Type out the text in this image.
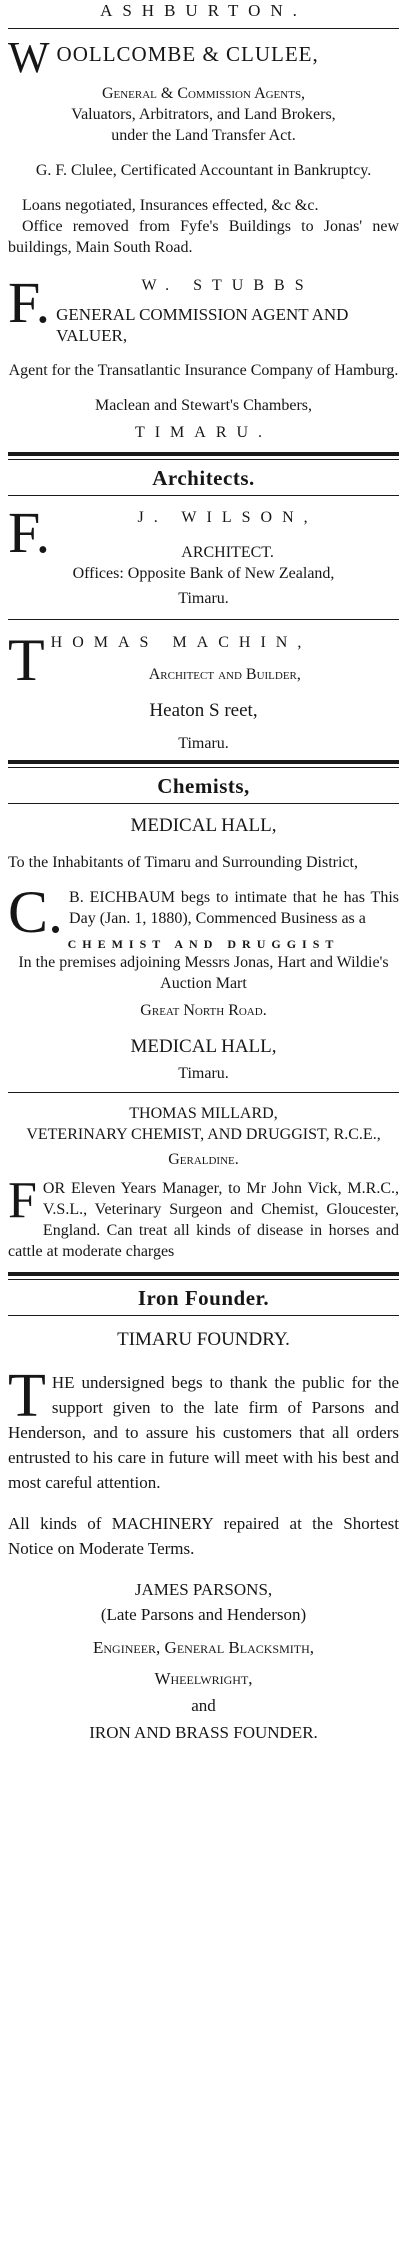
ASHBURTON.
W OOLLCOMBE & CLULEE,
General & Commission Agents,
Valuators, Arbitrators, and Land Brokers,
under the Land Transfer Act.
G. F. Clulee, Certificated Accountant in Bankruptcy.
Loans negotiated, Insurances effected, &c &c.
Office removed from Fyfe's Buildings to Jonas' new buildings, Main South Road.
F.	W. STUBBS
GENERAL COMMISSION AGENT AND VALUER,
Agent for the Transatlantic Insurance Company of Hamburg.
Maclean and Stewart's Chambers,
TIMARU.
Architects.
F.	J. WILSON,
ARCHITECT.
Offices: Opposite Bank of New Zealand,
Timaru.
T HOMAS MACHIN,
Architect and Builder,
Heaton S reet,
Timaru.
Chemists,
MEDICAL HALL,
To the Inhabitants of Timaru and Surrounding District,
C. B. EICHBAUM begs to intimate that he has This Day (Jan. 1, 1880), Commenced Business as a
CHEMIST AND DRUGGIST
In the premises adjoining Messrs Jonas, Hart and Wildie's Auction Mart
Great North Road.
MEDICAL HALL,
Timaru.
THOMAS MILLARD,
VETERINARY CHEMIST, AND DRUGGIST, R.C.E.,
Geraldine.
F OR Eleven Years Manager, to Mr John Vick, M.R.C., V.S.L., Veterinary Surgeon and Chemist, Gloucester, England. Can treat all kinds of disease in horses and cattle at moderate charges
Iron Founder.
TIMARU FOUNDRY.
T HE undersigned begs to thank the public for the support given to the late firm of Parsons and Henderson, and to assure his customers that all orders entrusted to his care in future will meet with his best and most careful attention.
All kinds of MACHINERY repaired at the Shortest Notice on Moderate Terms.
JAMES PARSONS,
(Late Parsons and Henderson)
Engineer, General Blacksmith,
Wheelwright,
and
IRON AND BRASS FOUNDER.
